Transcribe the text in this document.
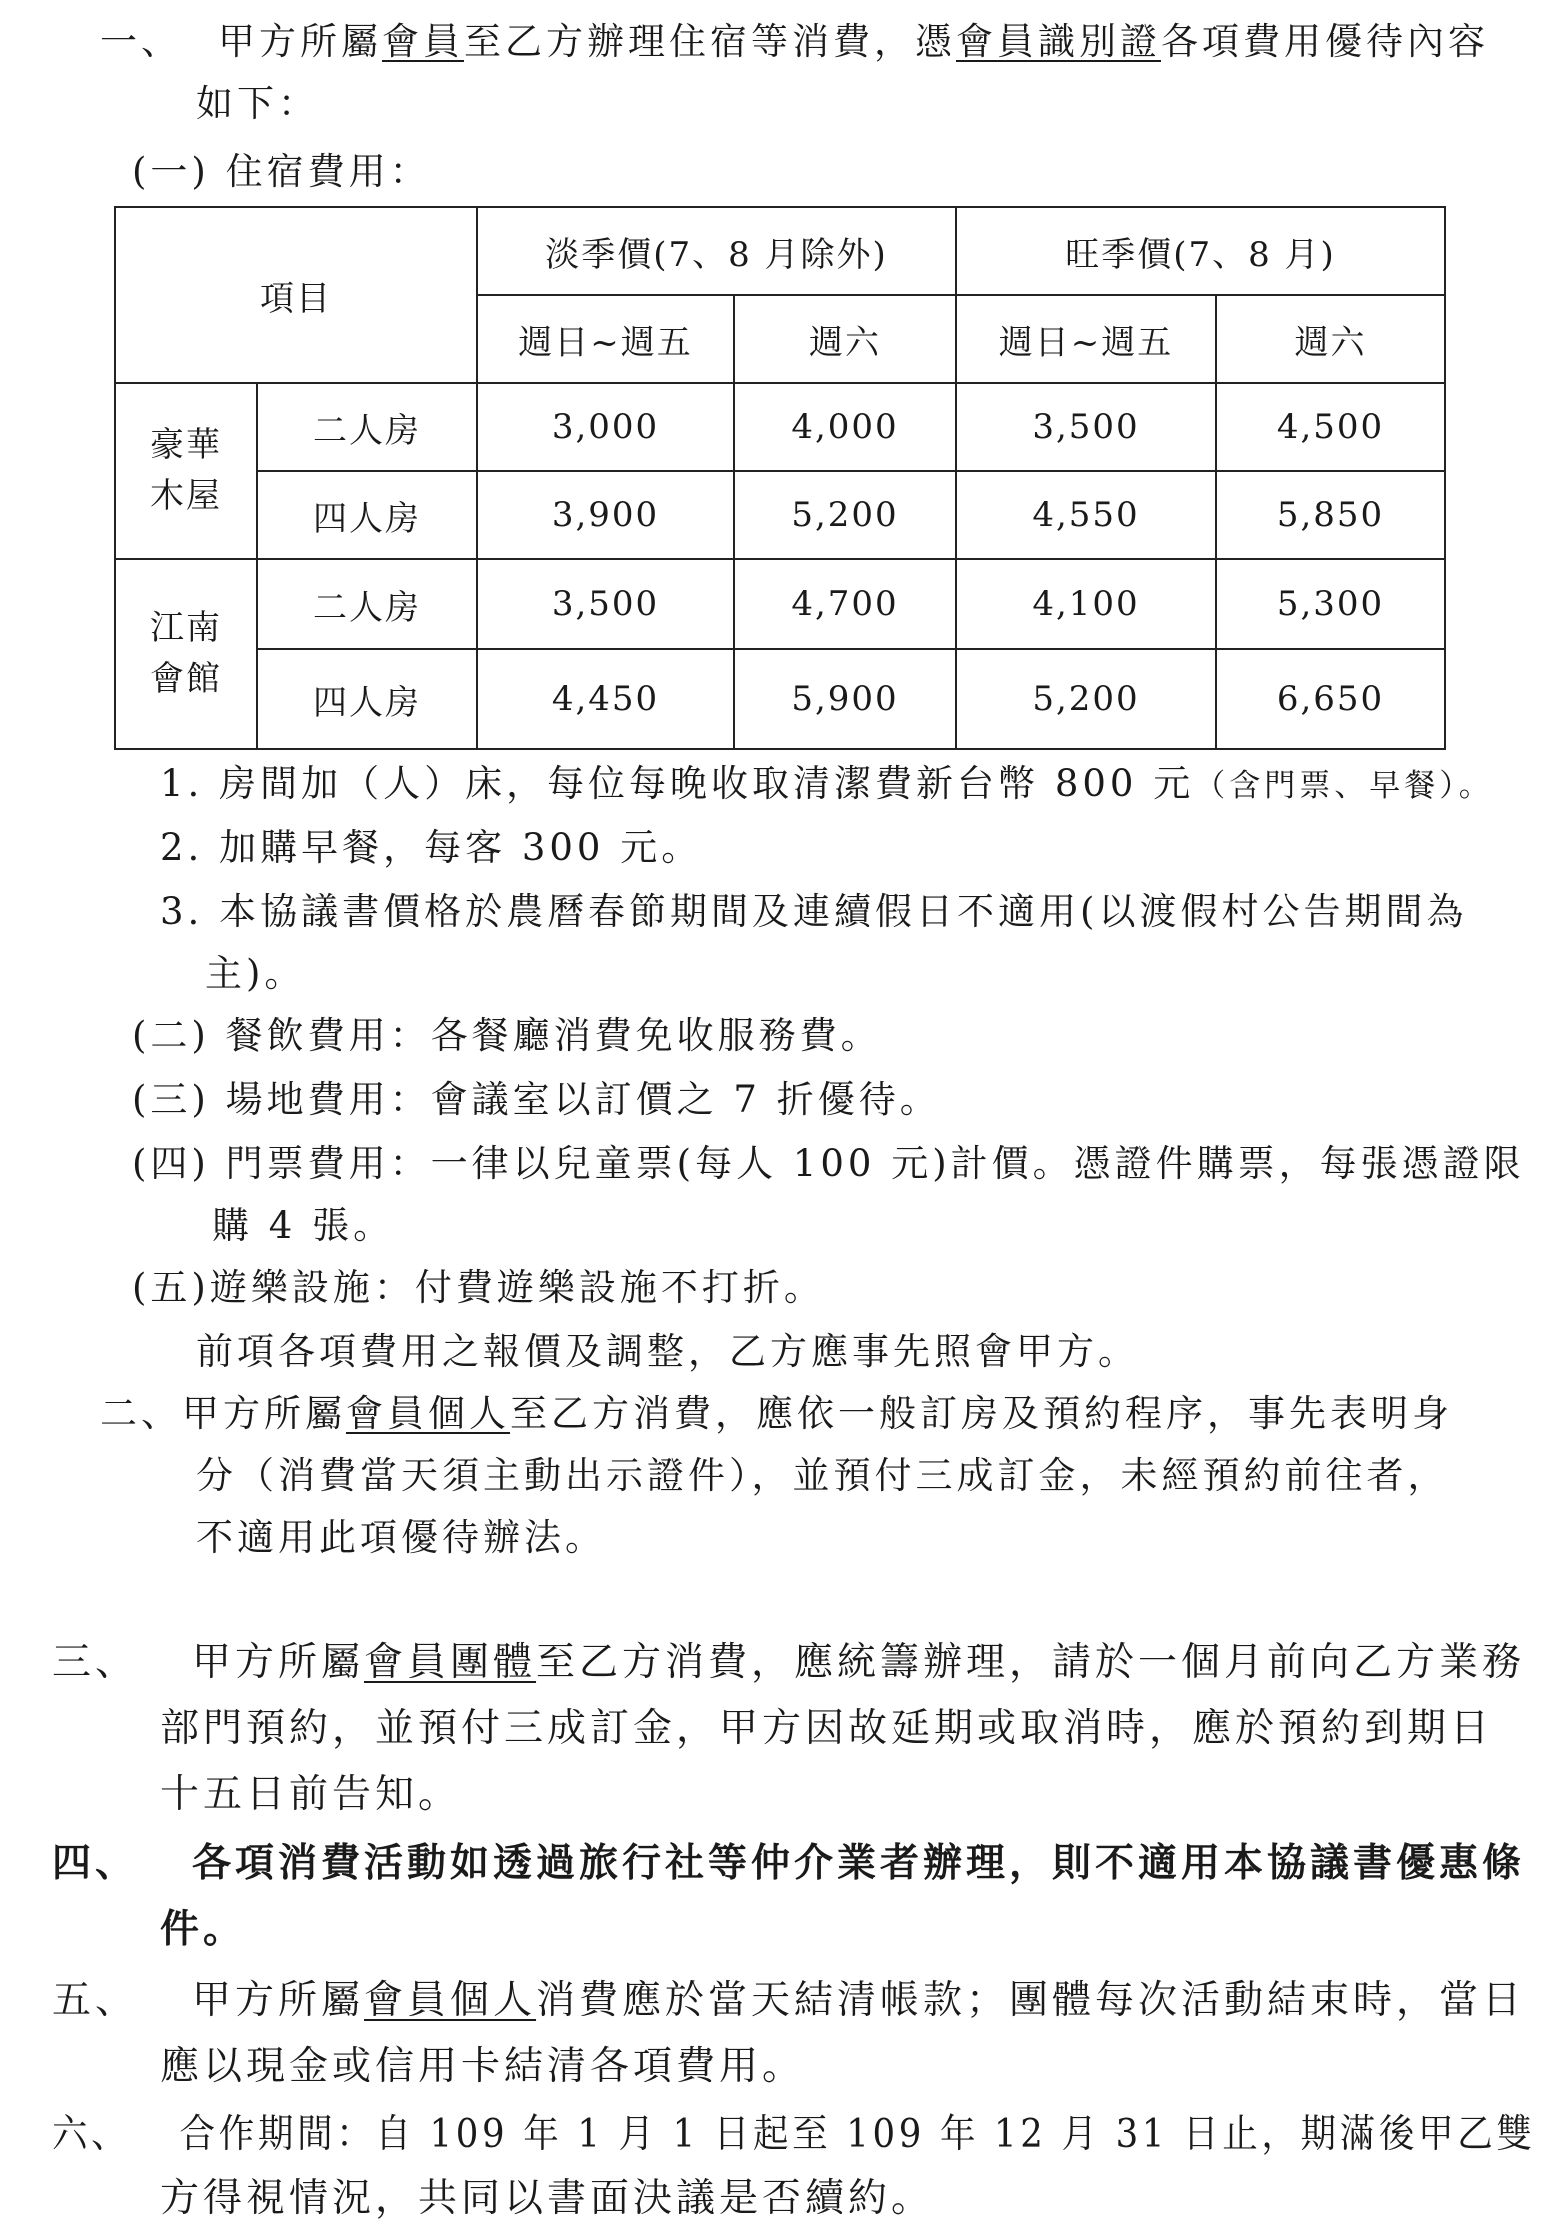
一、 甲方所屬會員至乙方辦理住宿等消費，憑會員識別證各項費用優待內容
如下：
(一) 住宿費用：
項目		淡季價(7、8 月除外)		旺季價(7、8 月)	
		週日~週五	週六	週日~週五	週六

豪華
木屋	二人房	3,000	4,000	3,500	4,500
	四人房	3,900	5,200	4,550	5,850

江南
會館	二人房	3,500	4,700	4,100	5,300
	四人房	4,450	5,900	5,200	6,650
1. 房間加（人）床，每位每晚收取清潔費新台幣 800 元（含門票、早餐）。
2. 加購早餐，每客 300 元。
3. 本協議書價格於農曆春節期間及連續假日不適用(以渡假村公告期間為
主)。
(二) 餐飲費用：各餐廳消費免收服務費。
(三) 場地費用：會議室以訂價之 7 折優待。
(四) 門票費用：一律以兒童票(每人 100 元)計價。憑證件購票，每張憑證限
購 4 張。
(五)遊樂設施：付費遊樂設施不打折。
前項各項費用之報價及調整，乙方應事先照會甲方。
二、甲方所屬會員個人至乙方消費，應依一般訂房及預約程序，事先表明身
分（消費當天須主動出示證件），並預付三成訂金，未經預約前往者，
不適用此項優待辦法。
三、 甲方所屬會員團體至乙方消費，應統籌辦理，請於一個月前向乙方業務
部門預約，並預付三成訂金，甲方因故延期或取消時，應於預約到期日
十五日前告知。
四、 各項消費活動如透過旅行社等仲介業者辦理，則不適用本協議書優惠條
件。
五、 甲方所屬會員個人消費應於當天結清帳款；團體每次活動結束時，當日
應以現金或信用卡結清各項費用。
六、 合作期間：自 109 年 1 月 1 日起至 109 年 12 月 31 日止，期滿後甲乙雙
方得視情況，共同以書面決議是否續約。
